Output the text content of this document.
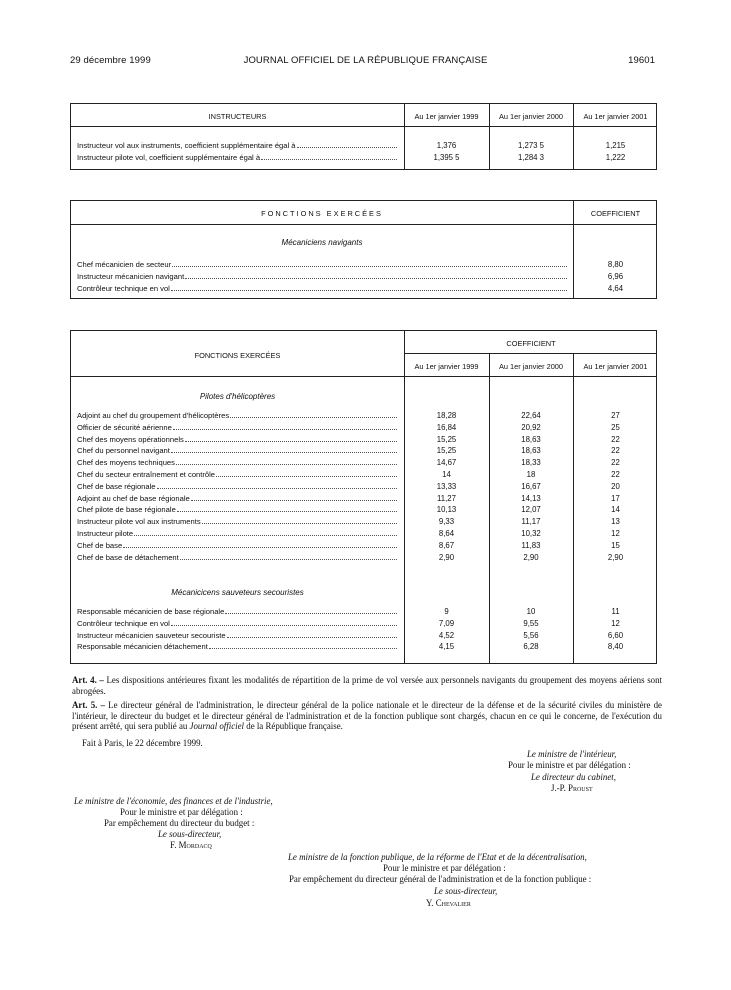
29 décembre 1999	JOURNAL OFFICIEL DE LA RÉPUBLIQUE FRANÇAISE	19601
INSTRUCTEURS	Au 1er janvier 1999	Au 1er janvier 2000	Au 1er janvier 2001
Instructeur vol aux instruments, coefficient supplémentaire égal à	1,376	1,273 5	1,215
Instructeur pilote vol, coefficient supplémentaire égal à	1,395 5	1,284 3	1,222
FONCTIONS EXERCÉES	COEFFICIENT
Mécaniciens navigants
Chef mécanicien de secteur	8,80
Instructeur mécanicien navigant	6,96
Contrôleur technique en vol	4,64
FONCTIONS EXERCÉES
COEFFICIENT
Au 1er janvier 1999	Au 1er janvier 2000	Au 1er janvier 2001
Pilotes d'hélicoptères
Adjoint au chef du groupement d'hélicoptères	18,28	22,64	27
Officier de sécurité aérienne	16,84	20,92	25
Chef des moyens opérationnels	15,25	18,63	22
Chef du personnel navigant	15,25	18,63	22
Chef des moyens techniques	14,67	18,33	22
Chef du secteur entraînement et contrôle	14	18	22
Chef de base régionale	13,33	16,67	20
Adjoint au chef de base régionale	11,27	14,13	17
Chef pilote de base régionale	10,13	12,07	14
Instructeur pilote vol aux instruments	9,33	11,17	13
Instructeur pilote	8,64	10,32	12
Chef de base	8,67	11,83	15
Chef de base de détachement	2,90	2,90	2,90
Mécanicicens sauveteurs secouristes
Responsable mécanicien de base régionale	9	10	11
Contrôleur technique en vol	7,09	9,55	12
Instructeur mécanicien sauveteur secouriste	4,52	5,56	6,60
Responsable mécanicien détachement	4,15	6,28	8,40
Art. 4. – Les dispositions antérieures fixant les modalités de répartition de la prime de vol versée aux personnels navigants du groupement des moyens aériens sont abrogées.
Art. 5. – Le directeur général de l'administration, le directeur général de la police nationale et le directeur de la défense et de la sécurité civiles du ministère de l'intérieur, le directeur du budget et le directeur général de l'administration et de la fonction publique sont chargés, chacun en ce qui le concerne, de l'exécution du présent arrêté, qui sera publié au Journal officiel de la République française.
Fait à Paris, le 22 décembre 1999.
Le ministre de l'intérieur,
Pour le ministre et par délégation :
Le directeur du cabinet,
J.-P. Proust
Le ministre de l'économie, des finances et de l'industrie,
Pour le ministre et par délégation :
Par empêchement du directeur du budget :
Le sous-directeur,
F. Mordacq
Le ministre de la fonction publique, de la réforme de l'Etat et de la décentralisation,
Pour le ministre et par délégation :
Par empêchement du directeur général de l'administration et de la fonction publique :
Le sous-directeur,
Y. Chevalier
